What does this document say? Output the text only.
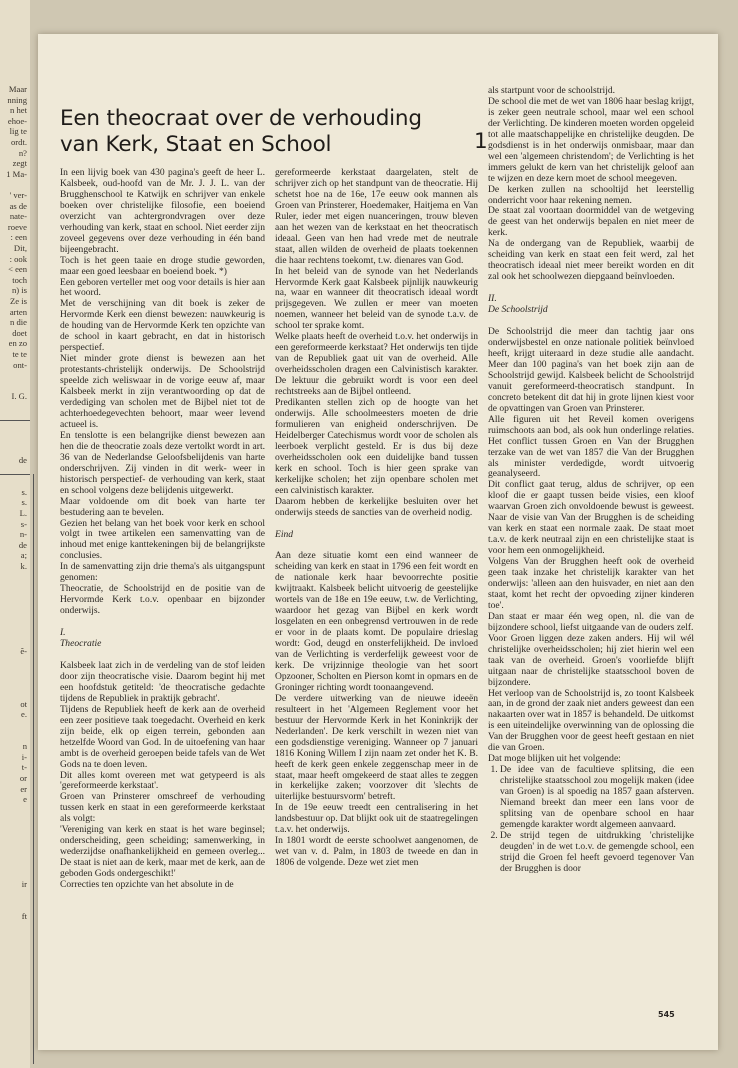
Maar
nning
n het
ehoe-
lig te
ordt.
n?
zegt
1 Ma-
' ver-
as de
nate-
roeve
: een
Dit,
: ook
< een
toch
n) is
Ze is
arten
n die
doet
en zo
te te
ont-
I. G.
de
s.
s.
L.
s-
n-
de
a;
k.
ẽ-
ot
e.
n
i-
t-
or
er
e
ir
ft
Een theocraat over de verhouding
van Kerk, Staat en School	1

In een lijvig boek van 430 pagina's geeft de heer L. Kalsbeek, oud-hoofd van de Mr. J. J. L. van der Brugghenschool te Katwijk en schrijver van enkele boeken over christelijke filosofie, een boeiend overzicht van achtergrondvragen over deze verhouding van kerk, staat en school. Niet eerder zijn zoveel gegevens over deze verhouding in één band bijeengebracht.

Toch is het geen taaie en droge studie geworden, maar een goed leesbaar en boeiend boek. *)

Een geboren verteller met oog voor details is hier aan het woord.

Met de verschijning van dit boek is zeker de Hervormde Kerk een dienst bewezen: nauwkeurig is de houding van de Hervormde Kerk ten opzichte van de school in kaart gebracht, en dat in historisch perspectief.

Niet minder grote dienst is bewezen aan het protestants-christelijk onderwijs. De Schoolstrijd speelde zich weliswaar in de vorige eeuw af, maar Kalsbeek merkt in zijn verantwoording op dat de verdediging van scholen met de Bijbel niet tot de achterhoedegevechten behoort, maar weer levend actueel is.

En tenslotte is een belangrijke dienst bewezen aan hen die de theocratie zoals deze vertolkt wordt in art. 36 van de Nederlandse Geloofsbelijdenis van harte onderschrijven. Zij vinden in dit werk- weer in historisch perspectief- de verhouding van kerk, staat en school volgens deze belijdenis uitgewerkt.

Maar voldoende om dit boek van harte ter bestudering aan te bevelen.

Gezien het belang van het boek voor kerk en school volgt in twee artikelen een samenvatting van de inhoud met enige kanttekeningen bij de belangrijkste conclusies.

In de samenvatting zijn drie thema's als uitgangspunt genomen:

Theocratie, de Schoolstrijd en de positie van de Hervormde Kerk t.o.v. openbaar en bijzonder onderwijs.

I.

Theocratie

Kalsbeek laat zich in de verdeling van de stof leiden door zijn theocratische visie. Daarom begint hij met een hoofdstuk getiteld: 'de theocratische gedachte tijdens de Republiek in praktijk gebracht'.

Tijdens de Republiek heeft de kerk aan de overheid een zeer positieve taak toegedacht. Overheid en kerk zijn beide, elk op eigen terrein, gebonden aan hetzelfde Woord van God. In de uitoefening van haar ambt is de overheid geroepen beide tafels van de Wet Gods na te doen leven.

Dit alles komt overeen met wat getypeerd is als 'gereformeerde kerkstaat'.

Groen van Prinsterer omschreef de verhouding tussen kerk en staat in een gereformeerde kerkstaat als volgt:

'Vereniging van kerk en staat is het ware beginsel; onderscheiding, geen scheiding; samenwerking, in wederzijdse onafhankelijkheid en gemeen overleg... De staat is niet aan de kerk, maar met de kerk, aan de geboden Gods ondergeschikt!'

Correcties ten opzichte van het absolute in de

gereformeerde kerkstaat daargelaten, stelt de schrijver zich op het standpunt van de theocratie. Hij schetst hoe na de 16e, 17e eeuw ook mannen als Groen van Prinsterer, Hoedemaker, Haitjema en Van Ruler, ieder met eigen nuanceringen, trouw bleven aan het wezen van de kerkstaat en het theocratisch ideaal. Geen van hen had vrede met de neutrale staat, allen wilden de overheid de plaats toekennen die haar rechtens toekomt, t.w. dienares van God.

In het beleid van de synode van het Nederlands Hervormde Kerk gaat Kalsbeek pijnlijk nauwkeurig na, waar en wanneer dit theocratisch ideaal wordt prijsgegeven. We zullen er meer van moeten noemen, wanneer het beleid van de synode t.a.v. de school ter sprake komt.

Welke plaats heeft de overheid t.o.v. het onderwijs in een gereformeerde kerkstaat? Het onderwijs ten tijde van de Republiek gaat uit van de overheid. Alle overheidsscholen dragen een Calvinistisch karakter. De lektuur die gebruikt wordt is voor een deel rechtstreeks aan de Bijbel ontleend.

Predikanten stellen zich op de hoogte van het onderwijs. Alle schoolmeesters moeten de drie formulieren van enigheid onderschrijven. De Heidelberger Catechismus wordt voor de scholen als leerboek verplicht gesteld. Er is dus bij deze overheidsscholen ook een duidelijke band tussen kerk en school. Toch is hier geen sprake van kerkelijke scholen; het zijn openbare scholen met een calvinistisch karakter.

Daarom hebben de kerkelijke besluiten over het onderwijs steeds de sancties van de overheid nodig.

Eind

Aan deze situatie komt een eind wanneer de scheiding van kerk en staat in 1796 een feit wordt en de nationale kerk haar bevoorrechte positie kwijtraakt. Kalsbeek belicht uitvoerig de geestelijke wortels van de 18e en 19e eeuw, t.w. de Verlichting, waardoor het gezag van Bijbel en kerk wordt losgelaten en een onbegrensd vertrouwen in de rede er voor in de plaats komt. De populaire drieslag wordt: God, deugd en onsterfelijkheid. De invloed van de Verlichting is verderfelijk geweest voor de kerk. De vrijzinnige theologie van het soort Opzooner, Scholten en Pierson komt in opmars en de Groninger richting wordt toonaangevend.

De verdere uitwerking van de nieuwe ideeën resulteert in het 'Algemeen Reglement voor het bestuur der Hervormde Kerk in het Koninkrijk der Nederlanden'. De kerk verschilt in wezen niet van een godsdienstige vereniging. Wanneer op 7 januari 1816 Koning Willem I zijn naam zet onder het K. B. heeft de kerk geen enkele zeggenschap meer in de staat, maar heeft omgekeerd de staat alles te zeggen in kerkelijke zaken; voorzover dit 'slechts de uiterlijke bestuursvorm' betreft.

In de 19e eeuw treedt een centralisering in het landsbestuur op. Dat blijkt ook uit de staatregelingen t.a.v. het onderwijs.

In 1801 wordt de eerste schoolwet aangenomen, de wet van v. d. Palm, in 1803 de tweede en dan in 1806 de volgende. Deze wet ziet men

als startpunt voor de schoolstrijd.

De school die met de wet van 1806 haar beslag krijgt, is zeker geen neutrale school, maar wel een school der Verlichting. De kinderen moeten worden opgeleid tot alle maatschappelijke en christelijke deugden. De godsdienst is in het onderwijs onmisbaar, maar dan wel een 'algemeen christendom'; de Verlichting is het immers gelukt de kern van het christelijk geloof aan te wijzen en deze kern moet de school meegeven.

De kerken zullen na schooltijd het leerstellig onderricht voor haar rekening nemen.

De staat zal voortaan doormiddel van de wetgeving de geest van het onderwijs bepalen en niet meer de kerk.

Na de ondergang van de Republiek, waarbij de scheiding van kerk en staat een feit werd, zal het theocratisch ideaal niet meer bereikt worden en dit zal ook het schoolwezen diepgaand beïnvloeden.

II.

De Schoolstrijd

De Schoolstrijd die meer dan tachtig jaar ons onderwijsbestel en onze nationale politiek beïnvloed heeft, krijgt uiteraard in deze studie alle aandacht. Meer dan 100 pagina's van het boek zijn aan de Schoolstrijd gewijd. Kalsbeek belicht de Schoolstrijd vanuit gereformeerd-theocratisch standpunt. In concreto betekent dit dat hij in grote lijnen kiest voor de opvattingen van Groen van Prinsterer.

Alle figuren uit het Reveil komen overigens ruimschoots aan bod, als ook hun onderlinge relaties. Het conflict tussen Groen en Van der Brugghen terzake van de wet van 1857 die Van der Brugghen als minister verdedigde, wordt uitvoerig geanalyseerd.

Dit conflict gaat terug, aldus de schrijver, op een kloof die er gaapt tussen beide visies, een kloof waarvan Groen zich onvoldoende bewust is geweest. Naar de visie van Van der Brugghen is de scheiding van kerk en staat een normale zaak. De staat moet t.a.v. de kerk neutraal zijn en een christelijke staat is voor hem een onmogelijkheid.

Volgens Van der Brugghen heeft ook de overheid geen taak inzake het christelijk karakter van het onderwijs: 'alleen aan den huisvader, en niet aan den staat, komt het recht der opvoeding zijner kinderen toe'.

Dan staat er maar één weg open, nl. die van de bijzondere school, liefst uitgaande van de ouders zelf.

Voor Groen liggen deze zaken anders. Hij wil wél christelijke overheidsscholen; hij ziet hierin wel een taak van de overheid. Groen's voorliefde blijft uitgaan naar de christelijke staatsschool boven de bijzondere.

Het verloop van de Schoolstrijd is, zo toont Kalsbeek aan, in de grond der zaak niet anders geweest dan een nakaarten over wat in 1857 is behandeld. De uitkomst is een uiteindelijke overwinning van de oplossing die Van der Brugghen voor de geest heeft gestaan en niet die van Groen.

Dat moge blijken uit het volgende:

1. De idee van de facultieve splitsing, die een christelijke staatsschool zou mogelijk maken (idee van Groen) is al spoedig na 1857 gaan afsterven. Niemand breekt dan meer een lans voor de splitsing van de openbare school en haar gemengde karakter wordt algemeen aanvaard.
2. De strijd tegen de uitdrukking 'christelijke deugden' in de wet t.o.v. de gemengde school, een strijd die Groen fel heeft gevoerd tegenover Van der Brugghen is door
545
